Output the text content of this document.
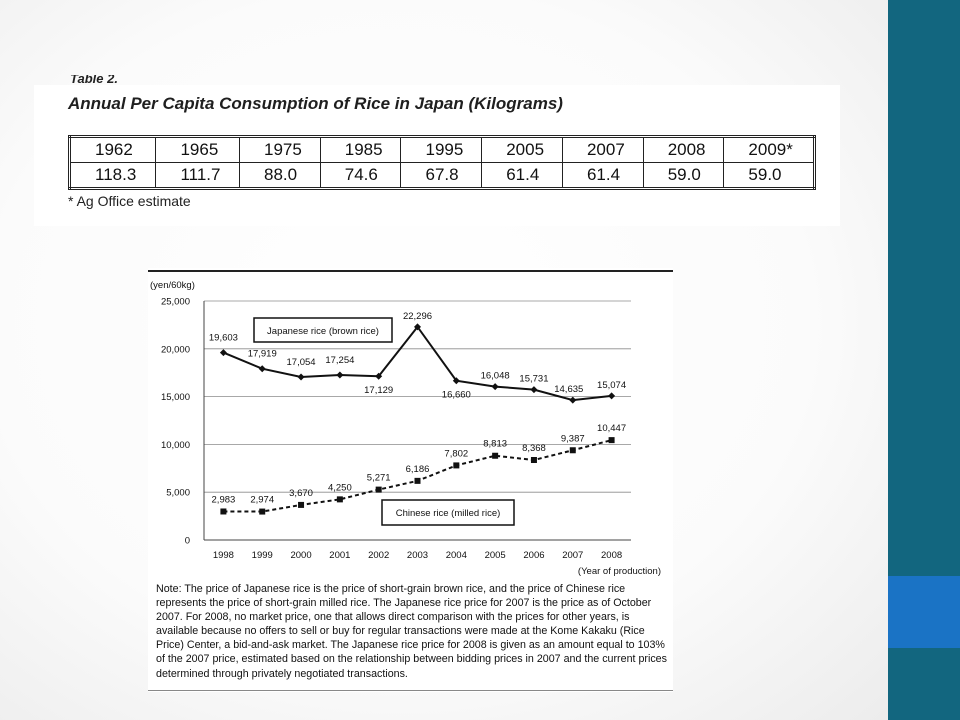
Table 2.
Annual Per Capita Consumption of Rice in Japan (Kilograms)
1962	1965	1975	1985	1995	2005	2007	2008	2009*
118.3	111.7	88.0	74.6	67.8	61.4	61.4	59.0	59.0
* Ag Office estimate
0
5,000
10,000
15,000
20,000
25,000
1998 1999 2000 2001 2002 2003 2004 2005 2006 2007 2008
(yen/60kg)
(Year of production)
19,603
17,919
17,054 17,254
17,129
22,296
16,660
16,048 15,731
14,635 15,074
2,983 2,974
3,670
4,250
5,271
6,186
7,802
8,813 8,368
9,387
10,447
Japanese rice (brown rice)
Chinese rice (milled rice)

Note: The price of Japanese rice is the price of short-grain brown rice, and the price of Chinese rice represents the price of short-grain milled rice. The Japanese rice price for 2007 is the price as of October 2007. For 2008, no market price, one that allows direct comparison with the prices for other years, is available because no offers to sell or buy for regular transactions were made at the Kome Kakaku (Rice Price) Center, a bid-and-ask market. The Japanese rice price for 2008 is given as an amount equal to 103% of the 2007 price, estimated based on the relationship between bidding prices in 2007 and the current prices determined through privately negotiated transactions.
